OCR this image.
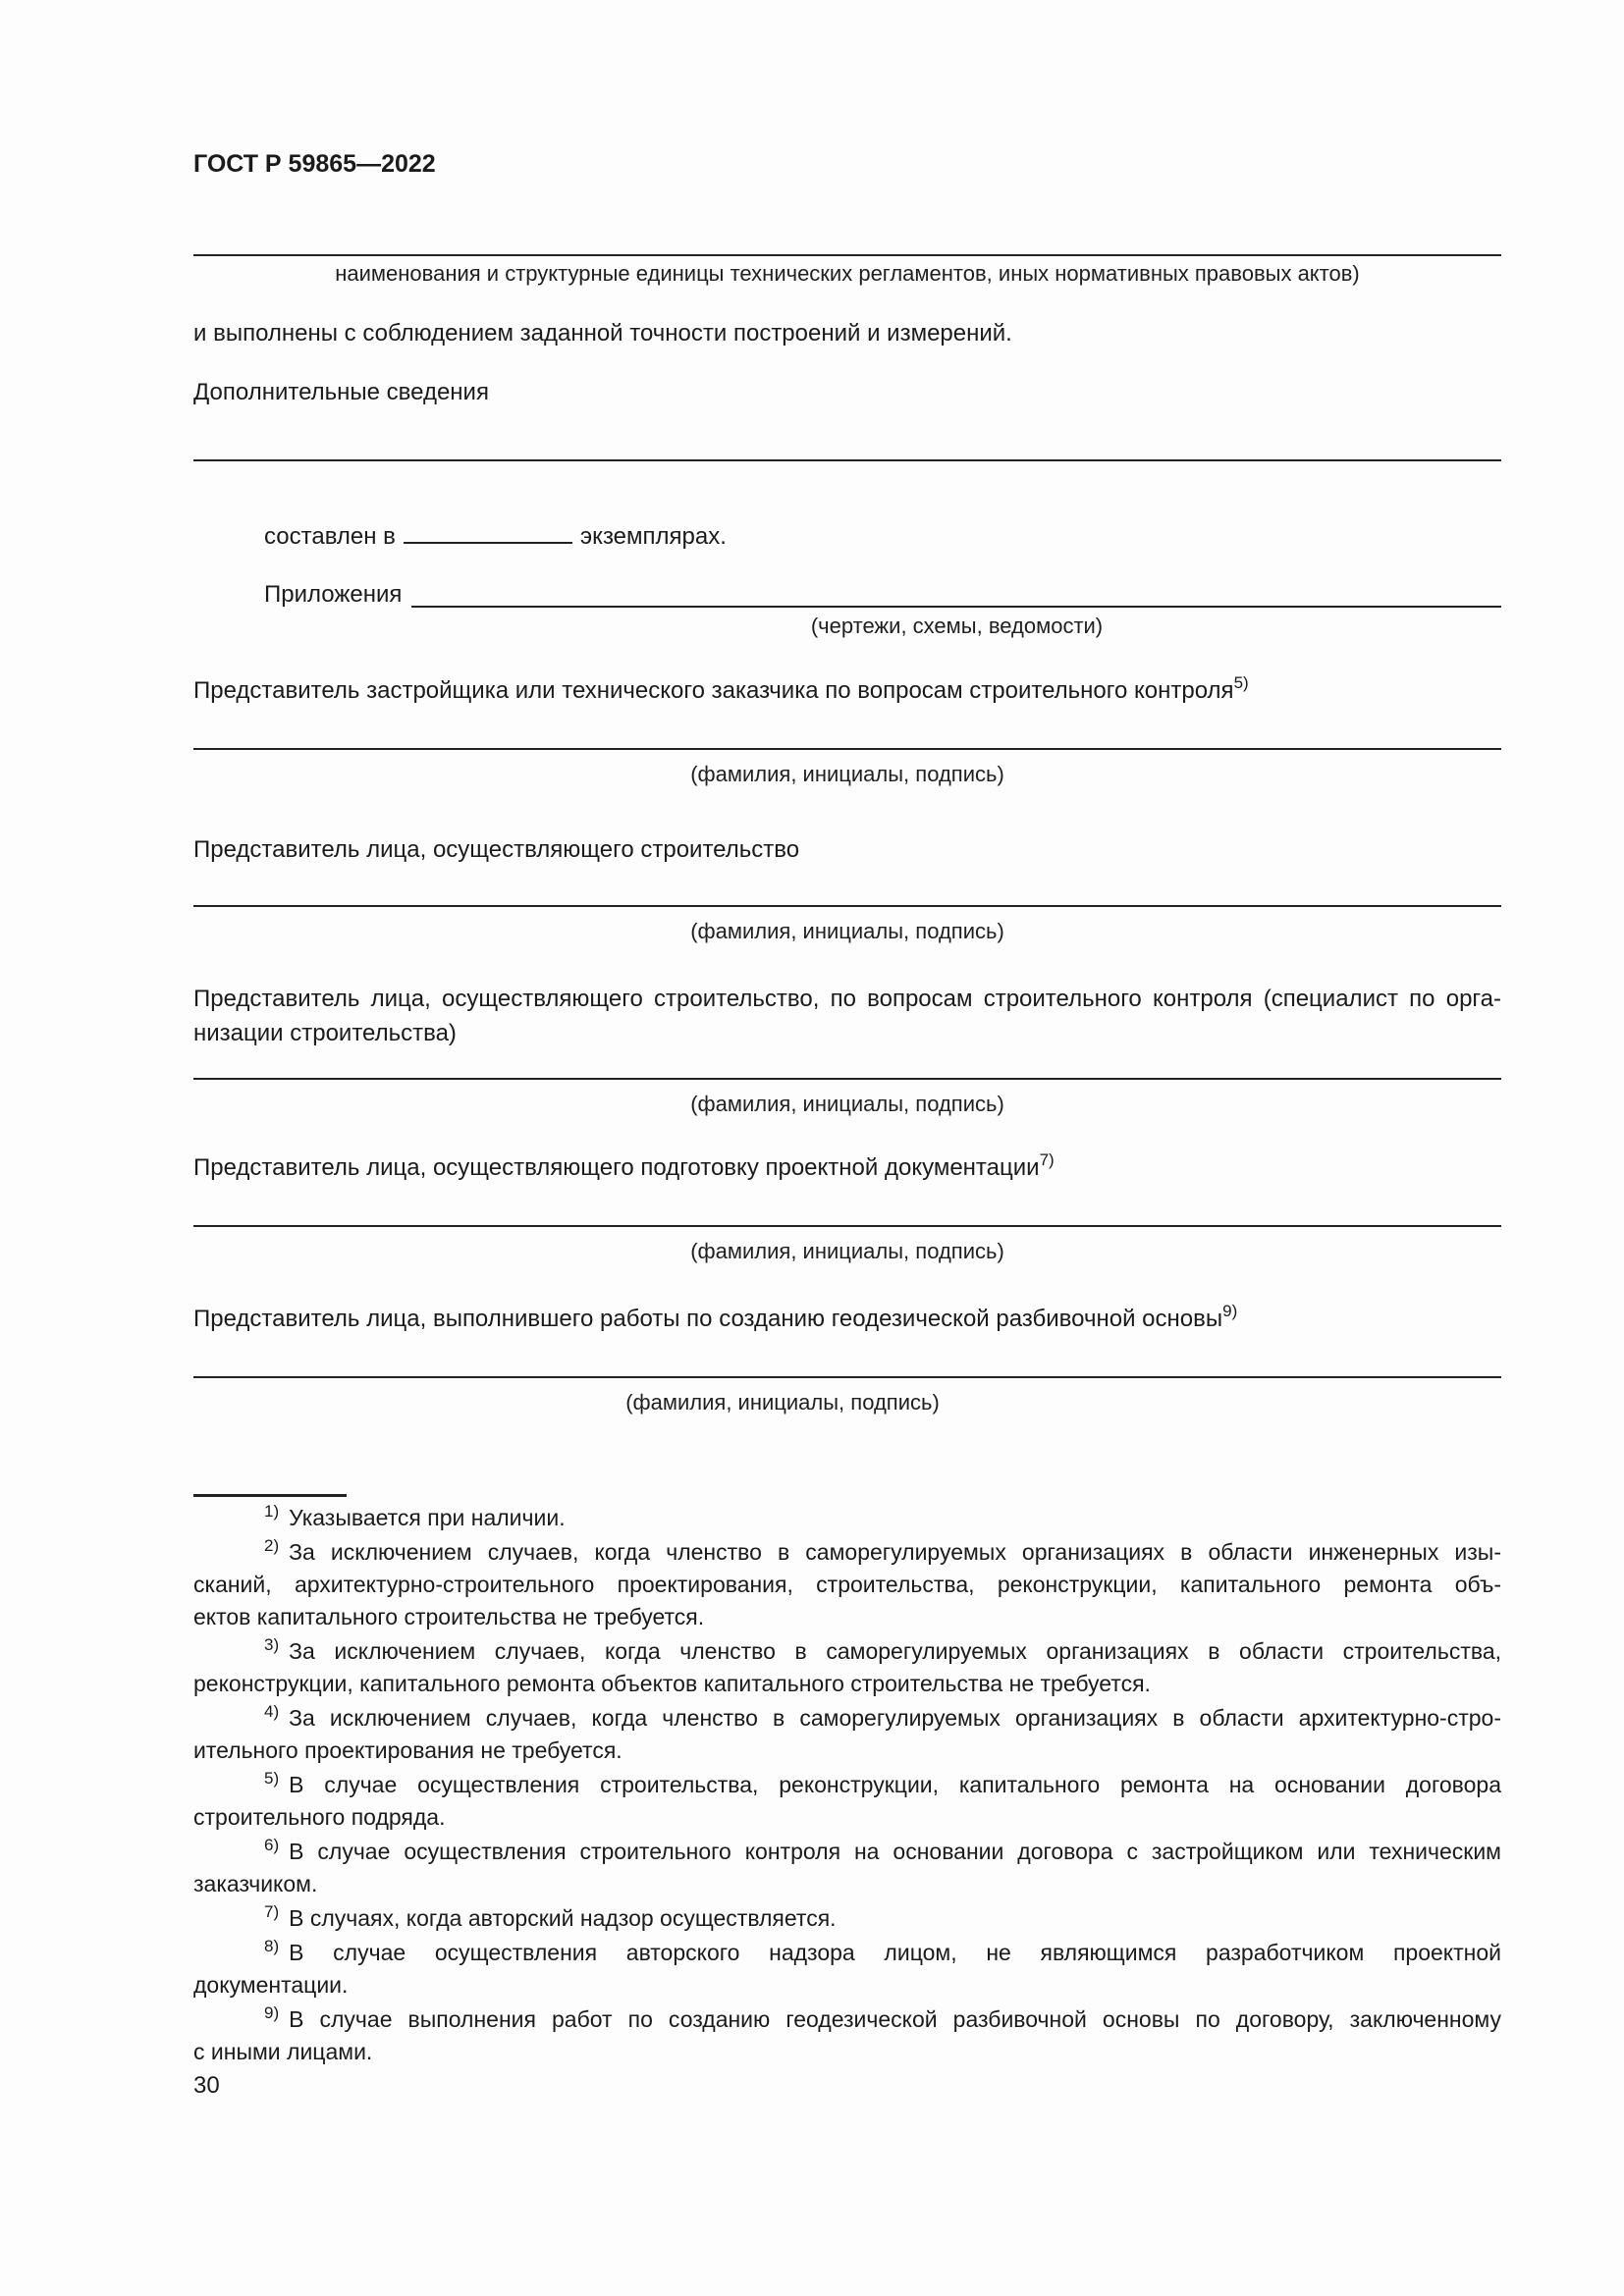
ГОСТ Р 59865—2022
наименования и структурные единицы технических регламентов, иных нормативных правовых актов)
и выполнены с соблюдением заданной точности построений и измерений.
Дополнительные сведения
составлен в	экземплярах.
Приложения
(чертежи, схемы, ведомости)
Представитель застройщика или технического заказчика по вопросам строительного контроля$^{5)}$
(фамилия, инициалы, подпись)
Представитель лица, осуществляющего строительство
(фамилия, инициалы, подпись)
Представитель лица, осуществляющего строительство, по вопросам строительного контроля (специалист по орга-
низации строительства)
(фамилия, инициалы, подпись)
Представитель лица, осуществляющего подготовку проектной документации$^{7)}$
(фамилия, инициалы, подпись)
Представитель лица, выполнившего работы по созданию геодезической разбивочной основы$^{9)}$
(фамилия, инициалы, подпись)
$^{1)}$ Указывается при наличии.
$^{2)}$ За исключением случаев, когда членство в саморегулируемых организациях в области инженерных изы-
сканий, архитектурно-строительного проектирования, строительства, реконструкции, капитального ремонта объ-
ектов капитального строительства не требуется.
$^{3)}$ За исключением случаев, когда членство в саморегулируемых организациях в области строительства,
реконструкции, капитального ремонта объектов капитального строительства не требуется.
$^{4)}$ За исключением случаев, когда членство в саморегулируемых организациях в области архитектурно-стро-
ительного проектирования не требуется.
$^{5)}$ В случае осуществления строительства, реконструкции, капитального ремонта на основании договора
строительного подряда.
$^{6)}$ В случае осуществления строительного контроля на основании договора с застройщиком или техническим
заказчиком.
$^{7)}$ В случаях, когда авторский надзор осуществляется.
$^{8)}$ В случае осуществления авторского надзора лицом, не являющимся разработчиком проектной
документации.
$^{9)}$ В случае выполнения работ по созданию геодезической разбивочной основы по договору, заключенному
с иными лицами.
30
